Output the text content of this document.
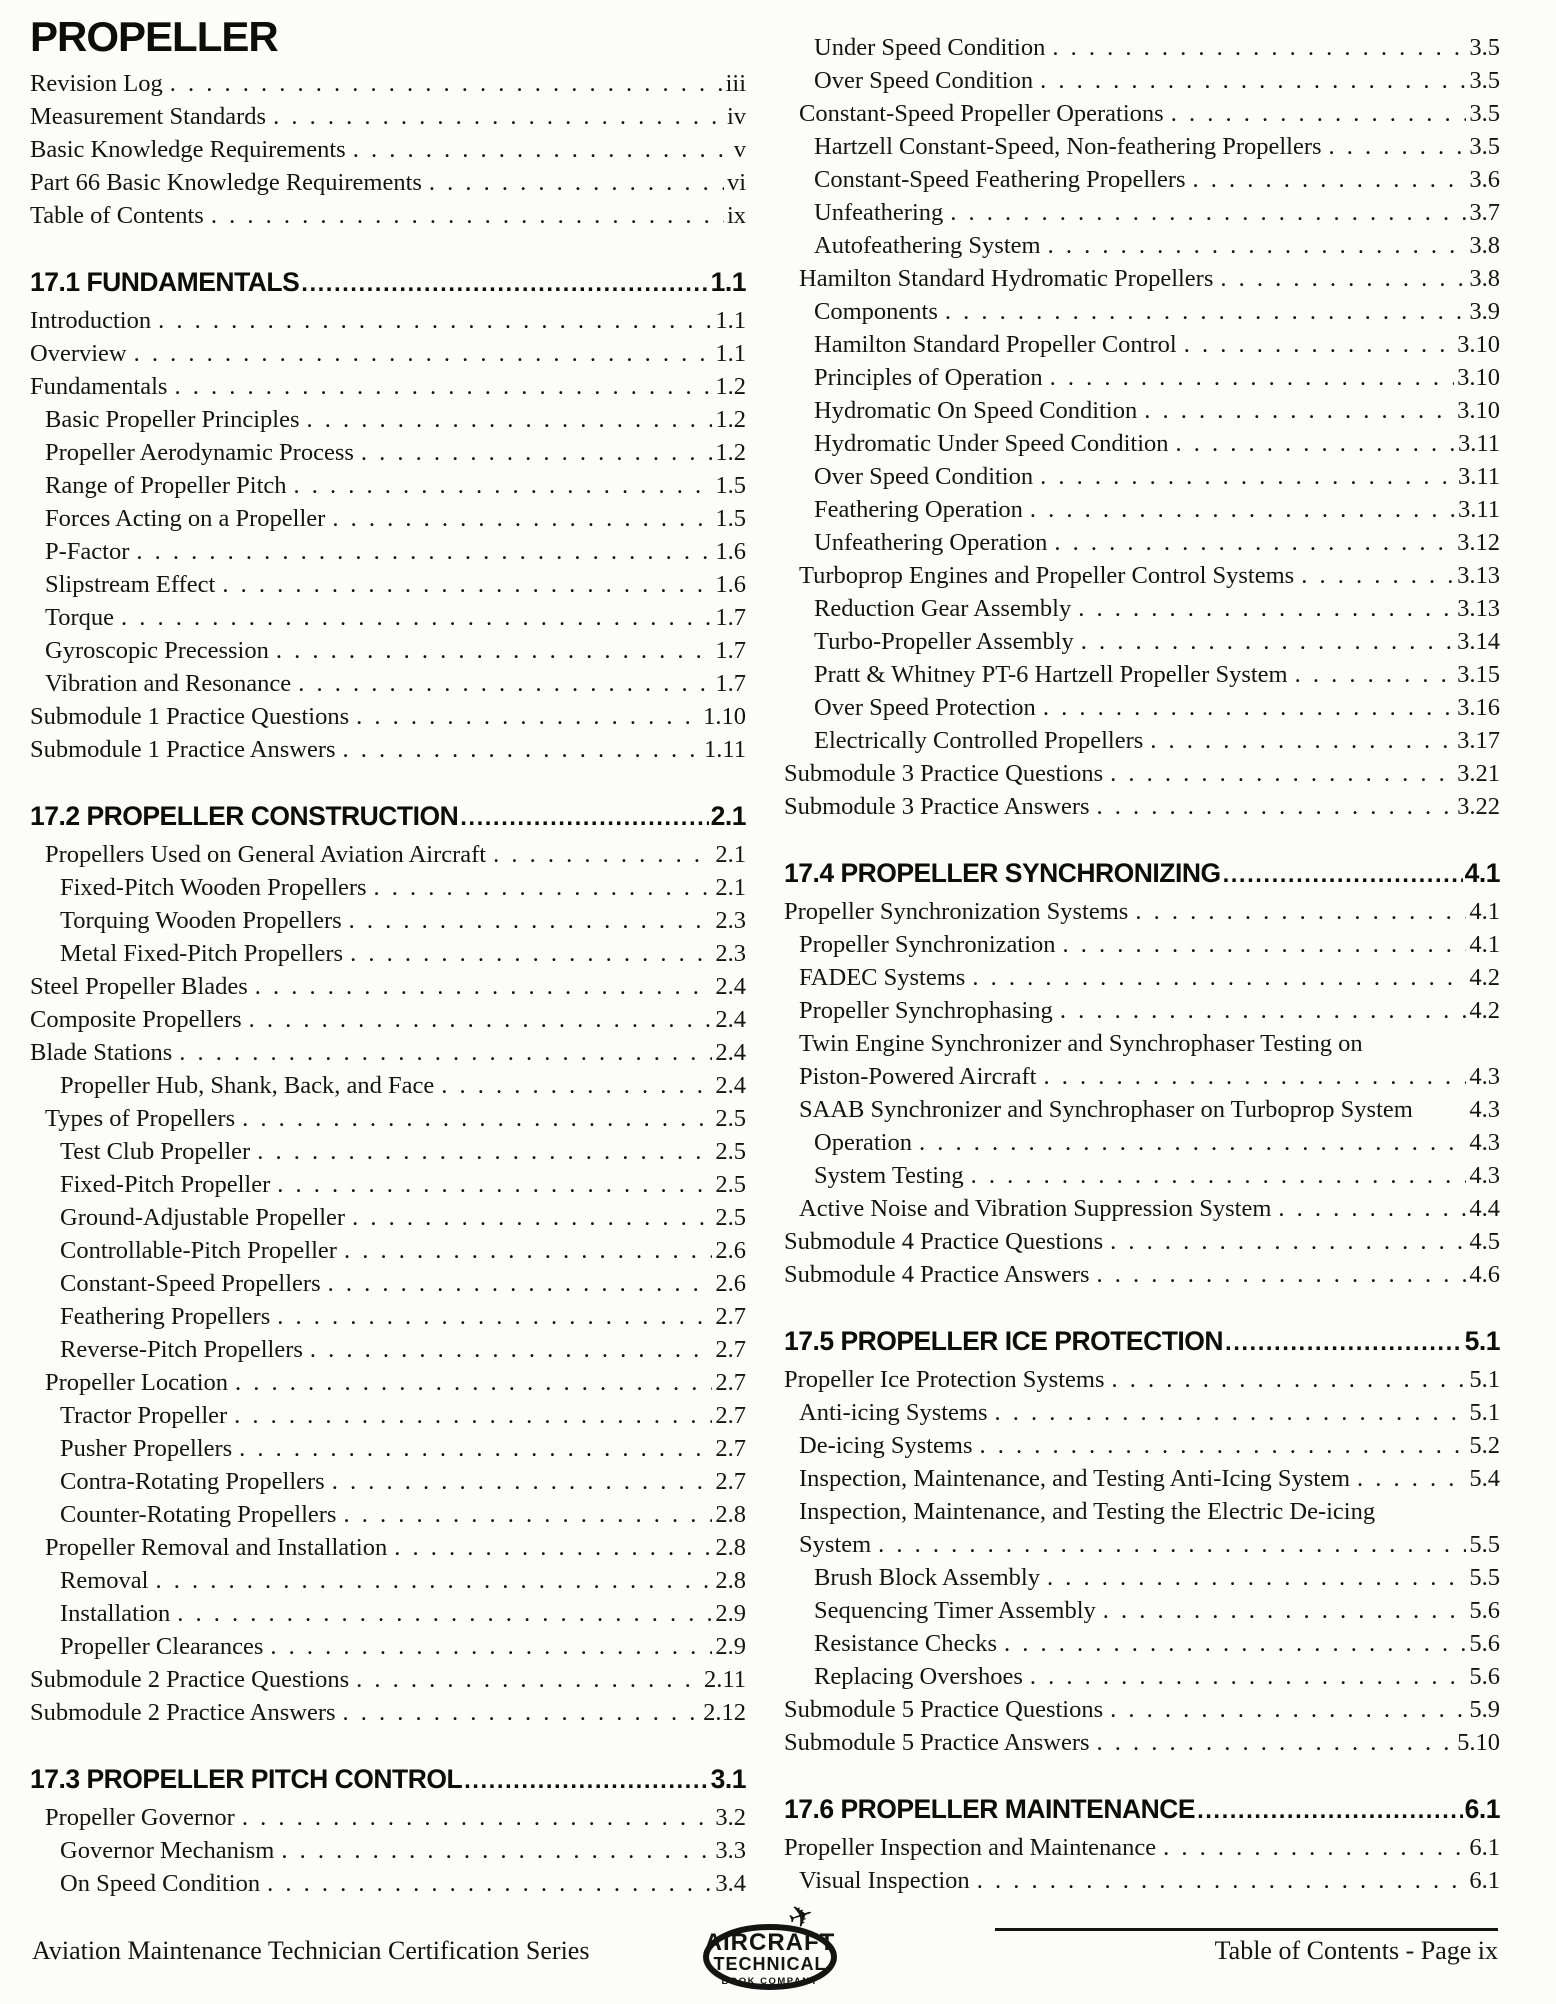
PROPELLER
Revision Log . . .	iii
Measurement Standards . . .	iv
Basic Knowledge Requirements . . .	v
Part 66 Basic Knowledge Requirements . . .	vi
Table of Contents . . .	ix
17.1 FUNDAMENTALS .....	1.1
Introduction . . .	1.1
Overview . . .	1.1
Fundamentals . . .	1.2
Basic Propeller Principles . . .	1.2
Propeller Aerodynamic Process . . .	1.2
Range of Propeller Pitch . . .	1.5
Forces Acting on a Propeller . . .	1.5
P-Factor . . .	1.6
Slipstream Effect . . .	1.6
Torque . . .	1.7
Gyroscopic Precession . . .	1.7
Vibration and Resonance . . .	1.7
Submodule 1 Practice Questions . . .	1.10
Submodule 1 Practice Answers . . .	1.11
17.2 PROPELLER CONSTRUCTION .....	2.1
Propellers Used on General Aviation Aircraft . . .	2.1
Fixed-Pitch Wooden Propellers . . .	2.1
Torquing Wooden Propellers . . .	2.3
Metal Fixed-Pitch Propellers . . .	2.3
Steel Propeller Blades . . .	2.4
Composite Propellers . . .	2.4
Blade Stations . . .	2.4
Propeller Hub, Shank, Back, and Face . . .	2.4
Types of Propellers . . .	2.5
Test Club Propeller . . .	2.5
Fixed-Pitch Propeller . . .	2.5
Ground-Adjustable Propeller . . .	2.5
Controllable-Pitch Propeller . . .	2.6
Constant-Speed Propellers . . .	2.6
Feathering Propellers . . .	2.7
Reverse-Pitch Propellers . . .	2.7
Propeller Location . . .	2.7
Tractor Propeller . . .	2.7
Pusher Propellers . . .	2.7
Contra-Rotating Propellers . . .	2.7
Counter-Rotating Propellers . . .	2.8
Propeller Removal and Installation . . .	2.8
Removal . . .	2.8
Installation . . .	2.9
Propeller Clearances . . .	2.9
Submodule 2 Practice Questions . . .	2.11
Submodule 2 Practice Answers . . .	2.12
17.3 PROPELLER PITCH CONTROL .....	3.1
Propeller Governor . . .	3.2
Governor Mechanism . . .	3.3
On Speed Condition . . .	3.4
Under Speed Condition . . .	3.5
Over Speed Condition . . .	3.5
Constant-Speed Propeller Operations . . .	3.5
Hartzell Constant-Speed, Non-feathering Propellers . . .	3.5
Constant-Speed Feathering Propellers . . .	3.6
Unfeathering . . .	3.7
Autofeathering System . . .	3.8
Hamilton Standard Hydromatic Propellers . . .	3.8
Components . . .	3.9
Hamilton Standard Propeller Control . . .	3.10
Principles of Operation . . .	3.10
Hydromatic On Speed Condition . . .	3.10
Hydromatic Under Speed Condition . . .	3.11
Over Speed Condition . . .	3.11
Feathering Operation . . .	3.11
Unfeathering Operation . . .	3.12
Turboprop Engines and Propeller Control Systems . . .	3.13
Reduction Gear Assembly . . .	3.13
Turbo-Propeller Assembly . . .	3.14
Pratt & Whitney PT-6 Hartzell Propeller System . . .	3.15
Over Speed Protection . . .	3.16
Electrically Controlled Propellers . . .	3.17
Submodule 3 Practice Questions . . .	3.21
Submodule 3 Practice Answers . . .	3.22
17.4 PROPELLER SYNCHRONIZING .....	4.1
Propeller Synchronization Systems . . .	4.1
Propeller Synchronization . . .	4.1
FADEC Systems . . .	4.2
Propeller Synchrophasing . . .	4.2
Twin Engine Synchronizer and Synchrophaser Testing on
Piston-Powered Aircraft . . .	4.3
SAAB Synchronizer and Synchrophaser on Turboprop System 4.3
Operation . . .	4.3
System Testing . . .	4.3
Active Noise and Vibration Suppression System . . .	4.4
Submodule 4 Practice Questions . . .	4.5
Submodule 4 Practice Answers . . .	4.6
17.5 PROPELLER ICE PROTECTION .....	5.1
Propeller Ice Protection Systems . . .	5.1
Anti-icing Systems . . .	5.1
De-icing Systems . . .	5.2
Inspection, Maintenance, and Testing Anti-Icing System . . .	5.4
Inspection, Maintenance, and Testing the Electric De-icing
System . . .	5.5
Brush Block Assembly . . .	5.5
Sequencing Timer Assembly . . .	5.6
Resistance Checks . . .	5.6
Replacing Overshoes . . .	5.6
Submodule 5 Practice Questions . . .	5.9
Submodule 5 Practice Answers . . .	5.10
17.6 PROPELLER MAINTENANCE .....	6.1
Propeller Inspection and Maintenance . . .	6.1
Visual Inspection . . .	6.1
Aviation Maintenance Technician Certification Series	Table of Contents - Page ix
✈
AIRCRAFT
TECHNICAL
BOOK COMPANY
